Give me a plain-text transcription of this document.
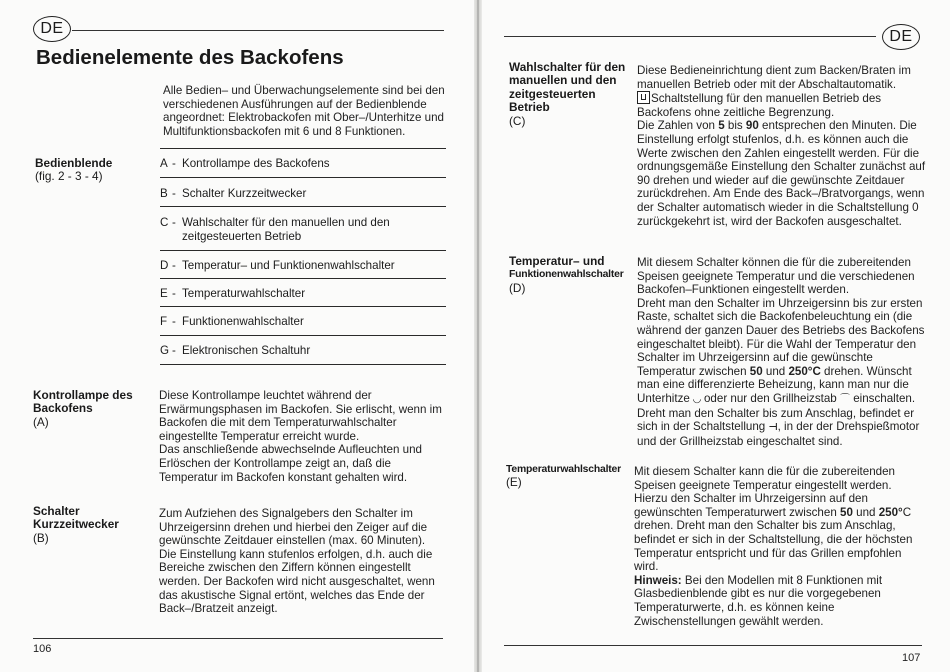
DE
Bedienelemente des Backofens
Alle Bedien– und Überwachungselemente sind bei den verschiedenen Ausführungen auf der Bedienblende angeordnet: Elektrobackofen mit Ober–/Unterhitze und Multifunktionsbackofen mit 6 und 8 Funktionen.
Bedienblende
(fig. 2 - 3 - 4)
A - Kontrollampe des Backofens
B - Schalter Kurzzeitwecker
C - Wahlschalter für den manuellen und den zeitgesteuerten Betrieb
D - Temperatur– und Funktionenwahlschalter
E - Temperaturwahlschalter
F - Funktionenwahlschalter
G - Elektronischen Schaltuhr
Kontrollampe des
Backofens
(A)

Diese Kontrollampe leuchtet während der Erwärmungsphasen im Backofen. Sie erlischt, wenn im Backofen die mit dem Temperaturwahlschalter eingestellte Temperatur erreicht wurde.

Das anschließende abwechselnde Aufleuchten und Erlöschen der Kontrollampe zeigt an, daß die Temperatur im Backofen konstant gehalten wird.

Schalter
Kurzzeitwecker
(B)

Zum Aufziehen des Signalgebers den Schalter im Uhrzeigersinn drehen und hierbei den Zeiger auf die gewünschte Zeitdauer einstellen (max. 60 Minuten).

Die Einstellung kann stufenlos erfolgen, d.h. auch die Bereiche zwischen den Ziffern können eingestellt werden. Der Backofen wird nicht ausgeschaltet, wenn das akustische Signal ertönt, welches das Ende der Back–/Bratzeit anzeigt.

106
DE
Wahlschalter für den
manuellen und den
zeitgesteuerten
Betrieb
(C)

Diese Bedieneinrichtung dient zum Backen/Braten im manuellen Betrieb oder mit der Abschaltautomatik.

Schaltstellung für den manuellen Betrieb des Backofens ohne zeitliche Begrenzung.

Die Zahlen von 5 bis 90 entsprechen den Minuten. Die Einstellung erfolgt stufenlos, d.h. es können auch die Werte zwischen den Zahlen eingestellt werden. Für die ordnungsgemäße Einstellung den Schalter zunächst auf 90 drehen und wieder auf die gewünschte Zeitdauer zurückdrehen. Am Ende des Back–/Bratvorgangs, wenn der Schalter automatisch wieder in die Schaltstellung 0 zurückgekehrt ist, wird der Backofen ausgeschaltet.

Temperatur– und
Funktionenwahlschalter
(D)

Mit diesem Schalter können die für die zubereitenden Speisen geeignete Temperatur und die verschiedenen Backofen–Funktionen eingestellt werden.

Dreht man den Schalter im Uhrzeigersinn bis zur ersten Raste, schaltet sich die Backofenbeleuchtung ein (die während der ganzen Dauer des Betriebs des Backofens eingeschaltet bleibt). Für die Wahl der Temperatur den Schalter im Uhrzeigersinn auf die gewünschte Temperatur zwischen 50 und 250°C drehen. Wünscht man eine differenzierte Beheizung, kann man nur die Unterhitze ◡ oder nur den Grillheizstab ⌒ einschalten.

Dreht man den Schalter bis zum Anschlag, befindet er sich in der Schaltstellung ⊣, in der der Drehspießmotor und der Grillheizstab eingeschaltet sind.

Temperaturwahlschalter
(E)

Mit diesem Schalter kann die für die zubereitenden Speisen geeignete Temperatur eingestellt werden. Hierzu den Schalter im Uhrzeigersinn auf den gewünschten Temperaturwert zwischen 50 und 250°C drehen. Dreht man den Schalter bis zum Anschlag, befindet er sich in der Schaltstellung, die der höchsten Temperatur entspricht und für das Grillen empfohlen wird.

Hinweis: Bei den Modellen mit 8 Funktionen mit Glasbedienblende gibt es nur die vorgegebenen Temperaturwerte, d.h. es können keine Zwischenstellungen gewählt werden.

107
